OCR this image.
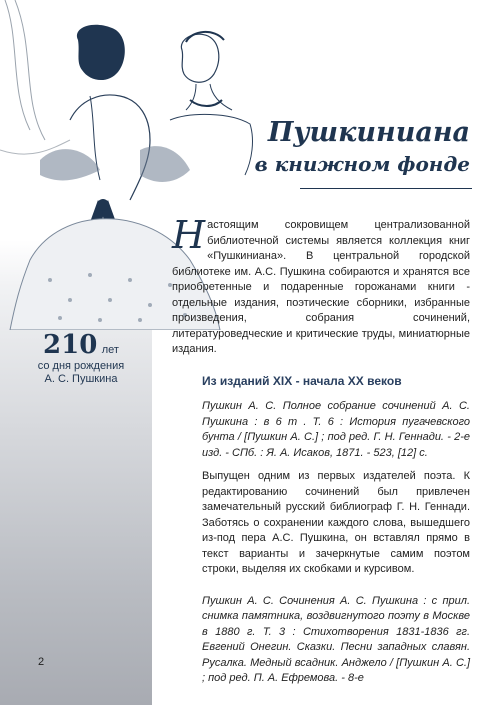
210 лет
со дня рождения
А. С. Пушкина
Пушкиниана
в книжном фонде

Настоящим сокровищем централизованной библиотечной системы является коллекция книг «Пушкиниана». В центральной городской библиотеке им. А.С. Пушкина собираются и хранятся все приобретенные и подаренные горожанами книги - отдельные издания, поэтические сборники, избранные произведения, собрания сочинений, литературоведческие и критические труды, миниатюрные издания.

Из изданий XIX - начала XX веков

Пушкин А. С. Полное собрание сочинений А. С. Пушкина : в 6 т . Т. 6 : История пугачевского бунта / [Пушкин А. С.] ; под ред. Г. Н. Геннади. - 2-е изд. - СПб. : Я. А. Исаков, 1871. - 523, [12] с.

Выпущен одним из первых издателей поэта. К редактированию сочинений был привлечен замечательный русский библиограф Г. Н. Геннади. Заботясь о сохранении каждого слова, вышедшего из-под пера А.С. Пушкина, он вставлял прямо в текст варианты и зачеркнутые самим поэтом строки, выделяя их скобками и курсивом.

Пушкин А. С. Сочинения А. С. Пушкина : с прил. снимка памятника, воздвигнутого поэту в Москве в 1880 г. Т. 3 : Стихотворения 1831-1836 гг. Евгений Онегин. Сказки. Песни западных славян. Русалка. Медный всадник. Анджело / [Пушкин А. С.] ; под ред. П. А. Ефремова. - 8-е

2
